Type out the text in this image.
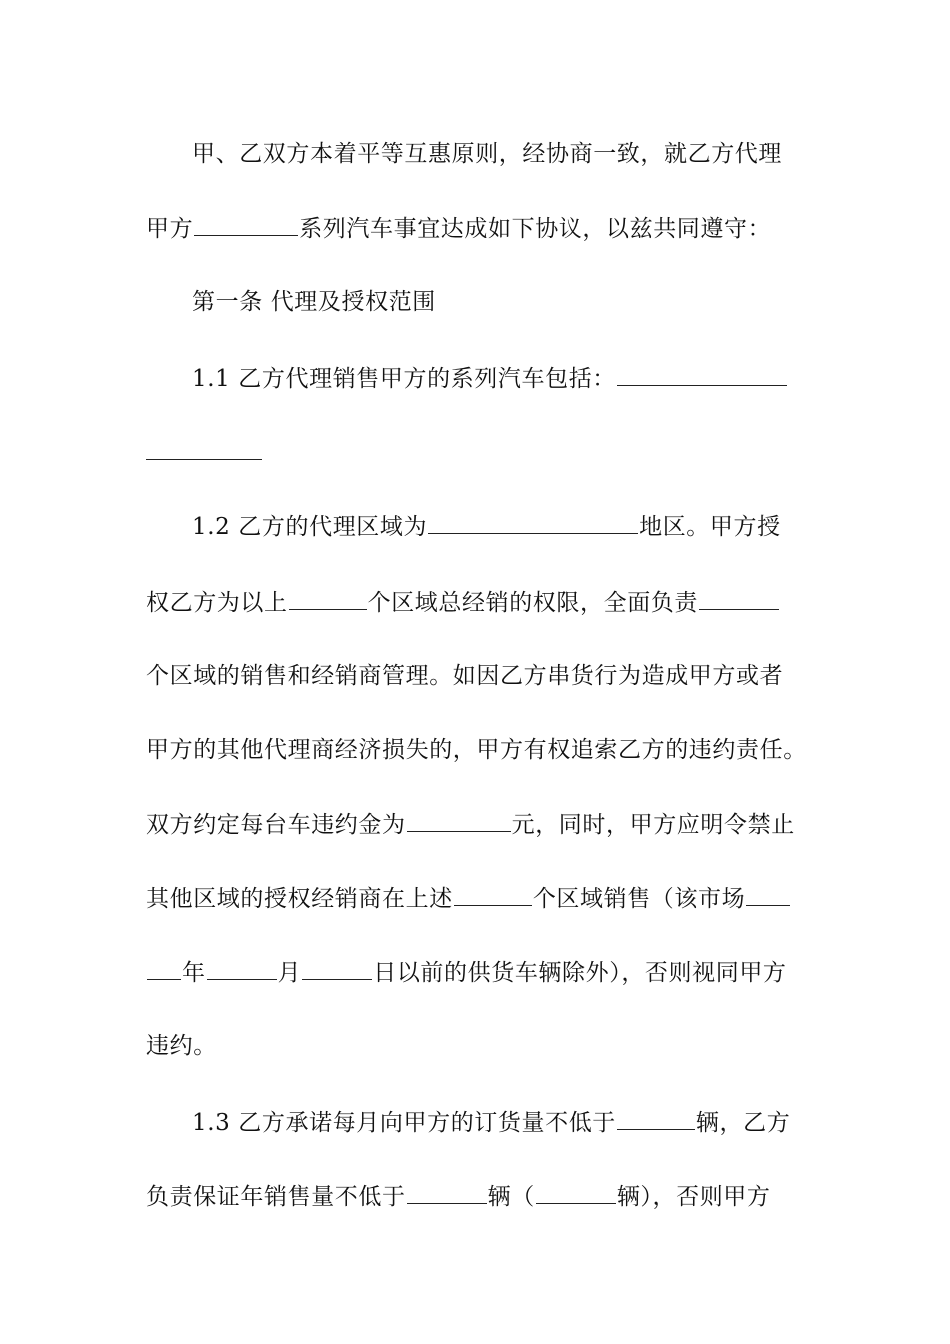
甲、乙双方本着平等互惠原则，经协商一致，就乙方代理
甲方	系列汽车事宜达成如下协议，以兹共同遵守：
第一条 代理及授权范围
1.1 乙方代理销售甲方的系列汽车包括：
1.2 乙方的代理区域为	地区。甲方授
权乙方为以上	个区域总经销的权限，全面负责
个区域的销售和经销商管理。如因乙方串货行为造成甲方或者
甲方的其他代理商经济损失的，甲方有权追索乙方的违约责任。
双方约定每台车违约金为	元，同时，甲方应明令禁止
其他区域的授权经销商在上述	个区域销售（该市场
年	月	日以前的供货车辆除外），否则视同甲方
违约。
1.3 乙方承诺每月向甲方的订货量不低于	辆，乙方
负责保证年销售量不低于	辆（	辆），否则甲方
